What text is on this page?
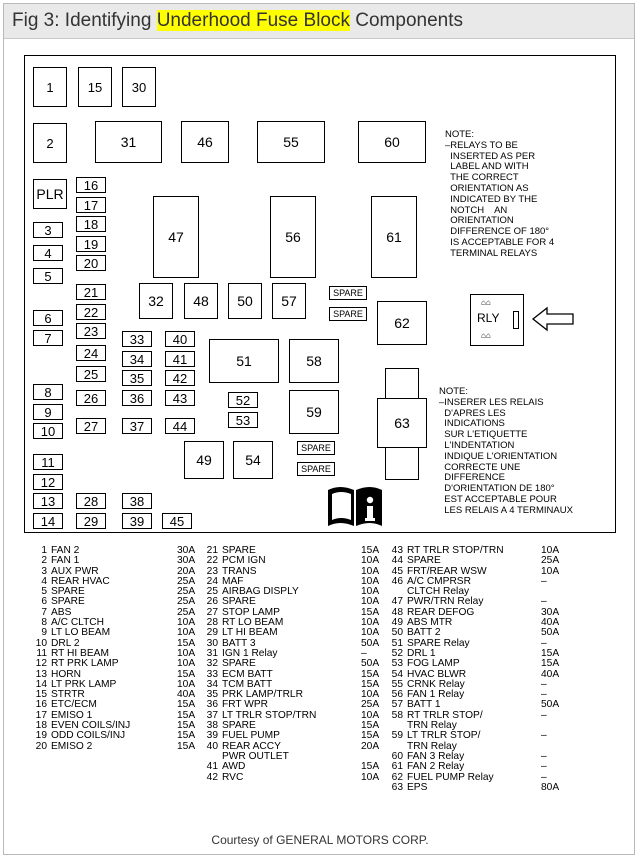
Fig 3: Identifying Underhood Fuse Block Components
1	15	30
2	31	46	55	60
PLR
16
17
3	18
19
4
20
5
47	56	61
21
22
23
24
25
26
27
6
7
8
9
10
11
12
13
14
32	48	50	57	SPARE
SPARE
62
33	40
34	41
35	42
36	43
37	44
51	58
52
53	59
63
49	54
SPARE
SPARE
28	38
29	39	45
NOTE:
–RELAYS TO BE
INSERTED AS PER
LABEL AND WITH
THE CORRECT
ORIENTATION AS
INDICATED BY THE
NOTCH    AN
ORIENTATION
DIFFERENCE OF 180°
IS ACCEPTABLE FOR 4
TERMINAL RELAYS
NOTE:
–INSERER LES RELAIS
D'APRES LES
INDICATIONS
SUR L'ETIQUETTE
L'INDENTATION
INDIQUE L'ORIENTATION
CORRECTE UNE
DIFFERENCE
D'ORIENTATION DE 180°
EST ACCEPTABLE POUR
LES RELAIS A 4 TERMINAUX
⌂⌂
RLY
⌂⌂
1 FAN 2	30A
2 FAN 1	30A
3 AUX PWR	20A
4 REAR HVAC	25A
5 SPARE	25A
6 SPARE	25A
7 ABS	25A
8 A/C CLTCH	10A
9 LT LO BEAM	10A
10 DRL 2	15A
11 RT HI BEAM	10A
12 RT PRK LAMP	10A
13 HORN	15A
14 LT PRK LAMP	10A
15 STRTR	40A
16 ETC/ECM	15A
17 EMISO 1	15A
18 EVEN COILS/INJ	15A
19 ODD COILS/INJ	15A
20 EMISO 2	15A
21 SPARE	15A
22 PCM IGN	10A
23 TRANS	10A
24 MAF	10A
25 AIRBAG DISPLY	10A
26 SPARE	10A
27 STOP LAMP	15A
28 RT LO BEAM	10A
29 LT HI BEAM	10A
30 BATT 3	50A
31 IGN 1 Relay	–
32 SPARE	50A
33 ECM BATT	15A
34 TCM BATT	15A
35 PRK LAMP/TRLR	10A
36 FRT WPR	25A
37 LT TRLR STOP/TRN	10A
38 SPARE	15A
39 FUEL PUMP	15A
40 REAR ACCY	20A
PWR OUTLET
41 AWD	15A
42 RVC	10A
43 RT TRLR STOP/TRN	10A
44 SPARE	25A
45 FRT/REAR WSW	10A
46 A/C CMPRSR	–
CLTCH Relay
47 PWR/TRN Relay	–
48 REAR DEFOG	30A
49 ABS MTR	40A
50 BATT 2	50A
51 SPARE Relay	–
52 DRL 1	15A
53 FOG LAMP	15A
54 HVAC BLWR	40A
55 CRNK Relay	–
56 FAN 1 Relay	–
57 BATT 1	50A
58 RT TRLR STOP/	–
TRN Relay
59 LT TRLR STOP/	–
TRN Relay
60 FAN 3 Relay	–
61 FAN 2 Relay	–
62 FUEL PUMP Relay	–
63 EPS	80A
Courtesy of GENERAL MOTORS CORP.
